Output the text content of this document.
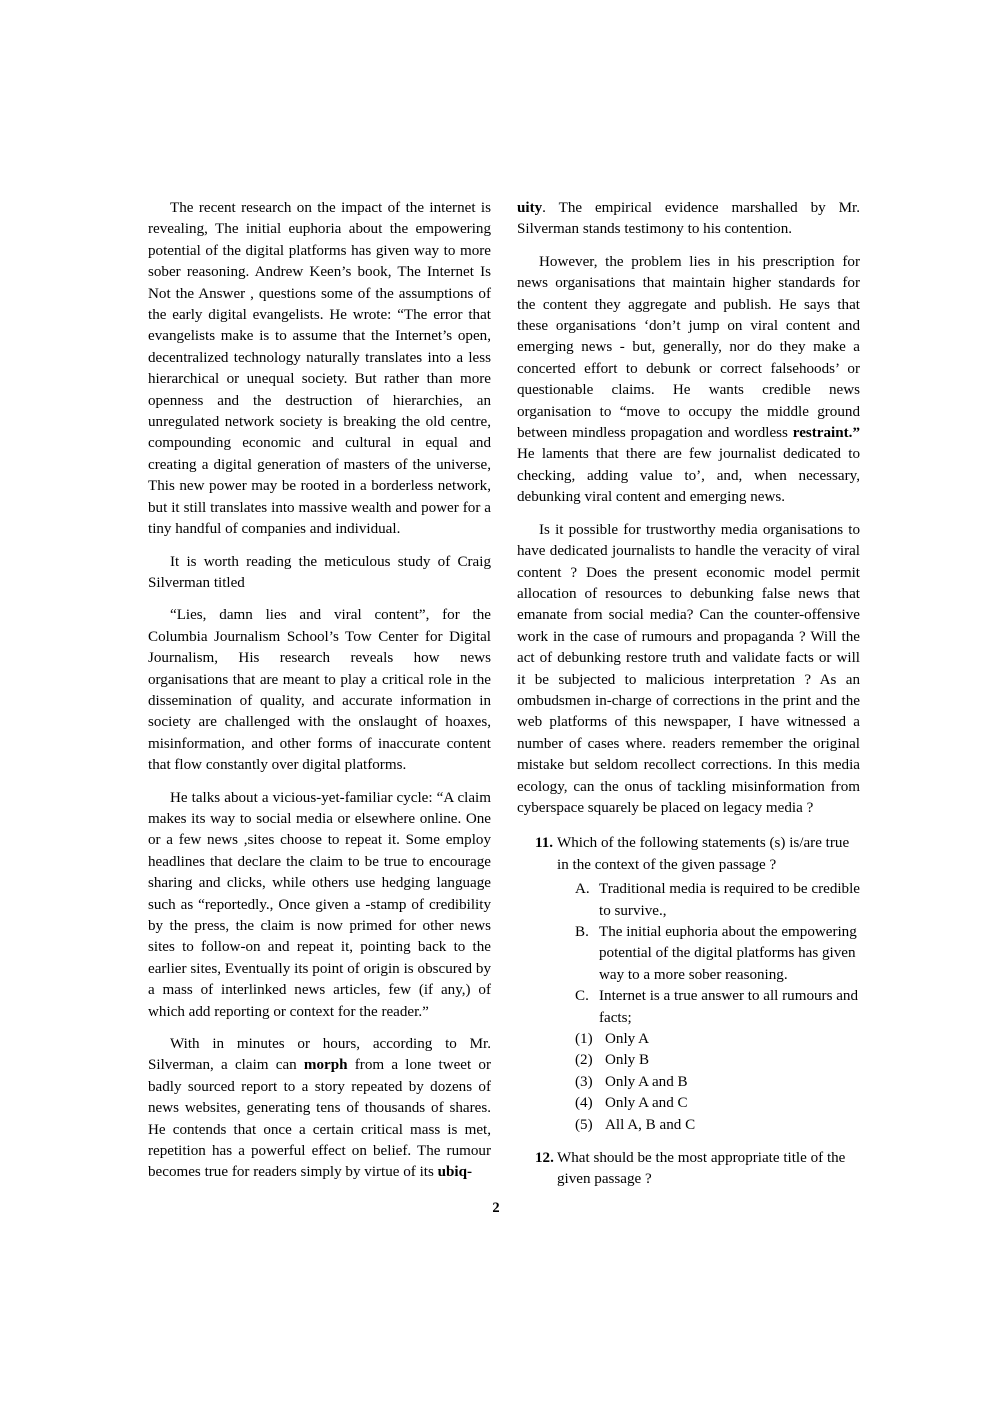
The recent research on the impact of the internet is revealing, The initial euphoria about the empowering potential of the digital platforms has given way to more sober reasoning. Andrew Keen’s book, The Internet Is Not the Answer , questions some of the assumptions of the early digital evangelists. He wrote: “The error that evangelists make is to assume that the Internet’s open, decentralized technology naturally translates into a less hierarchical or unequal society. But rather than more openness and the destruction of hierarchies, an unregulated network society is breaking the old centre, compounding economic and cultural in equal and creating a digital generation of masters of the universe, This new power may be rooted in a borderless network, but it still translates into massive wealth and power for a tiny handful of companies and individual.

It is worth reading the meticulous study of Craig Silverman titled

“Lies, damn lies and viral content”, for the Columbia Journalism School’s Tow Center for Digital Journalism, His research reveals how news organisations that are meant to play a critical role in the dissemination of quality, and accurate information in society are challenged with the onslaught of hoaxes, misinformation, and other forms of inaccurate content that flow constantly over digital platforms.

He talks about a vicious-yet-familiar cycle: “A claim makes its way to social media or elsewhere online. One or a few news ,sites choose to repeat it. Some employ headlines that declare the claim to be true to encourage sharing and clicks, while others use hedging language such as “reportedly., Once given a -stamp of credibility by the press, the claim is now primed for other news sites to follow-on and repeat it, pointing back to the earlier sites, Eventually its point of origin is obscured by a mass of interlinked news articles, few (if any,) of which add reporting or context for the reader.”

With in minutes or hours, according to Mr. Silverman, a claim can morph from a lone tweet or badly sourced report to a story repeated by dozens of news websites, generating tens of thousands of shares. He contends that once a certain critical mass is met, repetition has a powerful effect on belief. The rumour becomes true for readers simply by virtue of its ubiq-

uity. The empirical evidence marshalled by Mr. Silverman stands testimony to his contention.

However, the problem lies in his prescription for news organisations that maintain higher standards for the content they aggregate and publish. He says that these organisations ‘don’t jump on viral content and emerging news - but, generally, nor do they make a concerted effort to debunk or correct falsehoods’ or questionable claims. He wants credible news organisation to “move to occupy the middle ground between mindless propagation and wordless restraint.” He laments that there are few journalist dedicated to checking, adding value to’, and, when necessary, debunking viral content and emerging news.

Is it possible for trustworthy media organisations to have dedicated journalists to handle the veracity of viral content ? Does the present economic model permit allocation of resources to debunking false news that emanate from social media? Can the counter-offensive work in the case of rumours and propaganda ? Will the act of debunking restore truth and validate facts or will it be subjected to malicious interpretation ? As an ombudsmen in-charge of corrections in the print and the web platforms of this newspaper, I have witnessed a number of cases where. readers remember the original mistake but seldom recollect corrections. In this media ecology, can the onus of tackling misinformation from cyberspace squarely be placed on legacy media ?

11. Which of the following statements (s) is/are true in the context of the given passage ?
A. Traditional media is required to be credible to survive.,
B. The initial euphoria about the empowering potential of the digital platforms has given way to a more sober reasoning.
C. Internet is a true answer to all rumours and facts;
(1) Only A
(2) Only B
(3) Only A and B
(4) Only A and C
(5) All A, B and C
12. What should be the most appropriate title of the given passage ?
2
